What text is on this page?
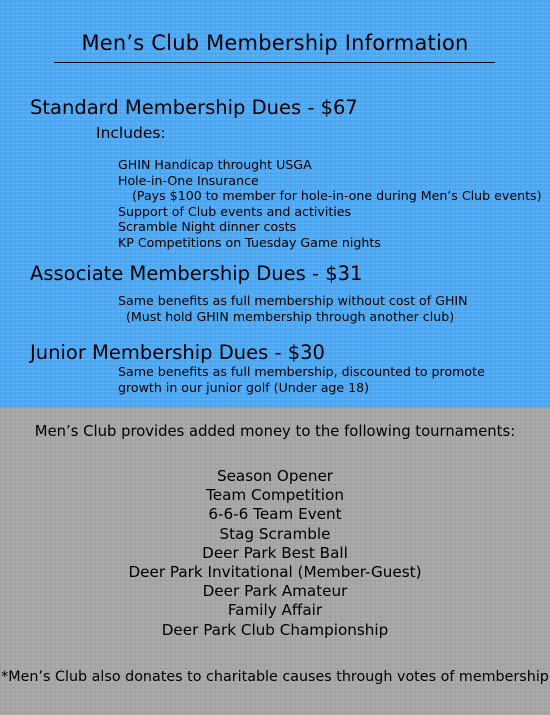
Men’s Club Membership Information
Standard Membership Dues - $67
Includes:
GHIN Handicap throught USGA
Hole-in-One Insurance
(Pays $100 to member for hole-in-one during Men’s Club events)
Support of Club events and activities
Scramble Night dinner costs
KP Competitions on Tuesday Game nights
Associate Membership Dues - $31
Same benefits as full membership without cost of GHIN
(Must hold GHIN membership through another club)
Junior Membership Dues - $30
Same benefits as full membership, discounted to promote
growth in our junior golf (Under age 18)
Men’s Club provides added money to the following tournaments:
Season Opener
Team Competition
6-6-6 Team Event
Stag Scramble
Deer Park Best Ball
Deer Park Invitational (Member-Guest)
Deer Park Amateur
Family Affair
Deer Park Club Championship
*Men’s Club also donates to charitable causes through votes of membership
